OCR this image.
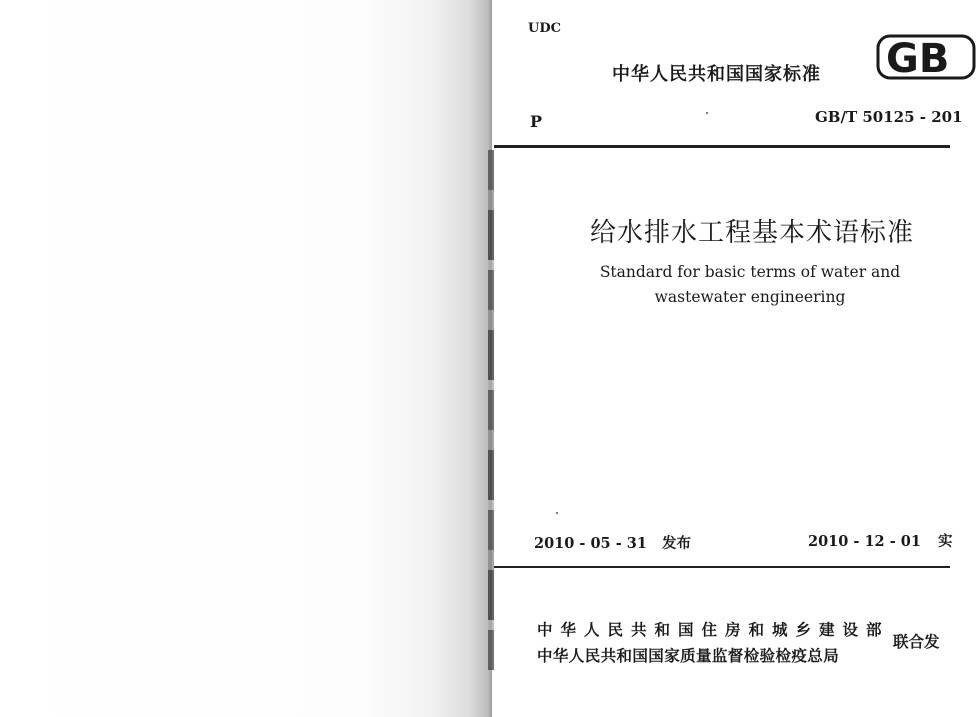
UDC
中华人民共和国国家标准 GB
P	GB/T 50125 - 201
给水排水工程基本术语标准
Standard for basic terms of water and wastewater engineering
2010 - 05 - 31 发布	2010 - 12 - 01 实
中华人民共和国住房和城乡建设部
中华人民共和国国家质量监督检验检疫总局
联合发
